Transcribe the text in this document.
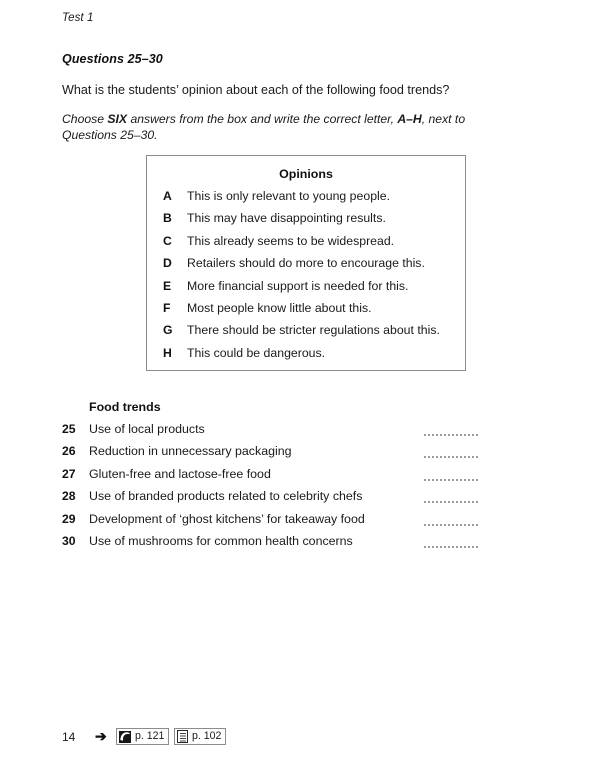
Test 1
Questions 25–30
What is the students’ opinion about each of the following food trends?
Choose SIX answers from the box and write the correct letter, A–H, next to Questions 25–30.
Opinions
A	This is only relevant to young people.
B	This may have disappointing results.
C	This already seems to be widespread.
D	Retailers should do more to encourage this.
E	More financial support is needed for this.
F	Most people know little about this.
G	There should be stricter regulations about this.
H	This could be dangerous.
Food trends
25 Use of local products
26 Reduction in unnecessary packaging
27 Gluten-free and lactose-free food
28 Use of branded products related to celebrity chefs
29 Development of ‘ghost kitchens’ for takeaway food
30 Use of mushrooms for common health concerns
14 ➔	p. 121	p. 102
